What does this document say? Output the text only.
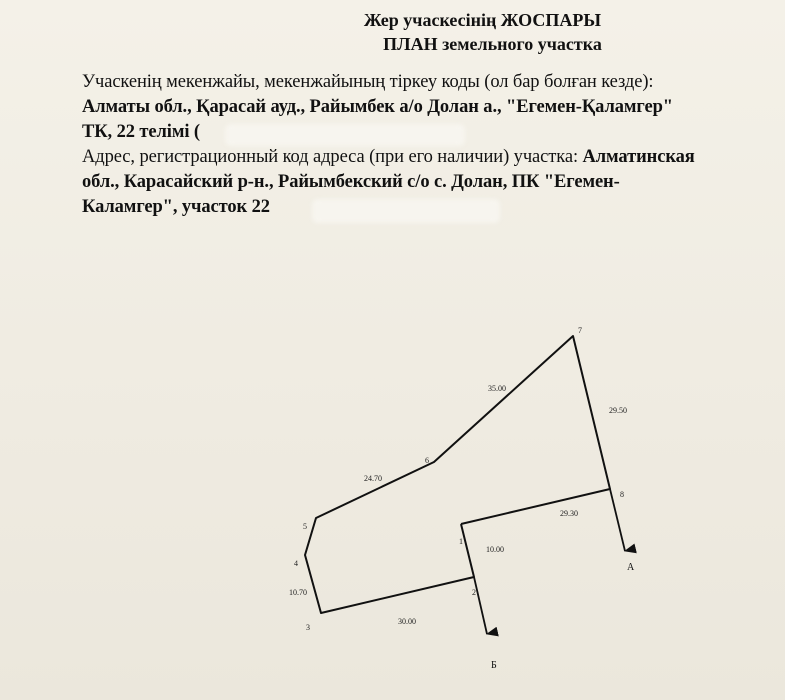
Жер учаскесінің ЖОСПАРЫ
ПЛАН земельного участка
Учаскенің мекенжайы, мекенжайының тіркеу коды (ол бар болған кезде):
Алматы обл., Қарасай ауд., Райымбек а/о Долан а., "Егемен-Қаламгер"
ТК, 22 телімі (
Адрес, регистрационный код адреса (при его наличии) участка: Алматинская
обл., Карасайский р-н., Райымбекский с/о с. Долан, ПК "Егемен-
Каламгер", участок 22
1
2
3
4
5
6
7
8
35.00
29.50
24.70
29.30
10.00
10.70
30.00
А
Б
